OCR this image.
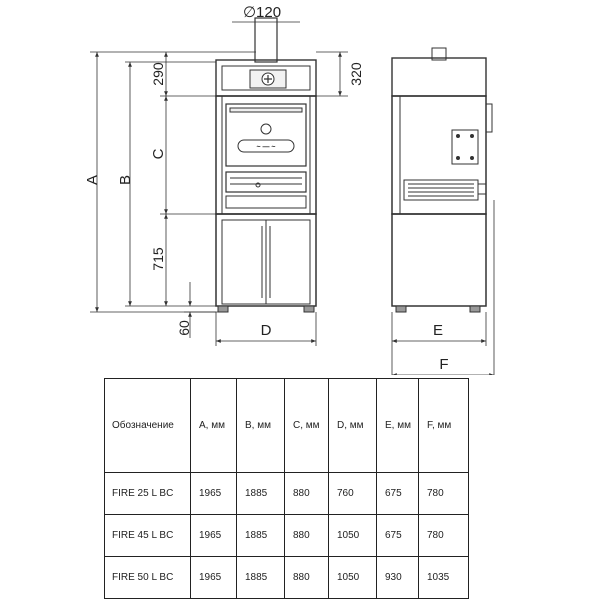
~ — ~
∅120
A B
290
C
715
60
320
D	E
F
Обозначение	A, мм	B, мм	C, мм	D, мм	E, мм	F, мм
FIRE 25 L BC	1965	1885	880	760	675	780
FIRE 45 L BC	1965	1885	880	1050	675	780
FIRE 50 L BC	1965	1885	880	1050	930	1035
